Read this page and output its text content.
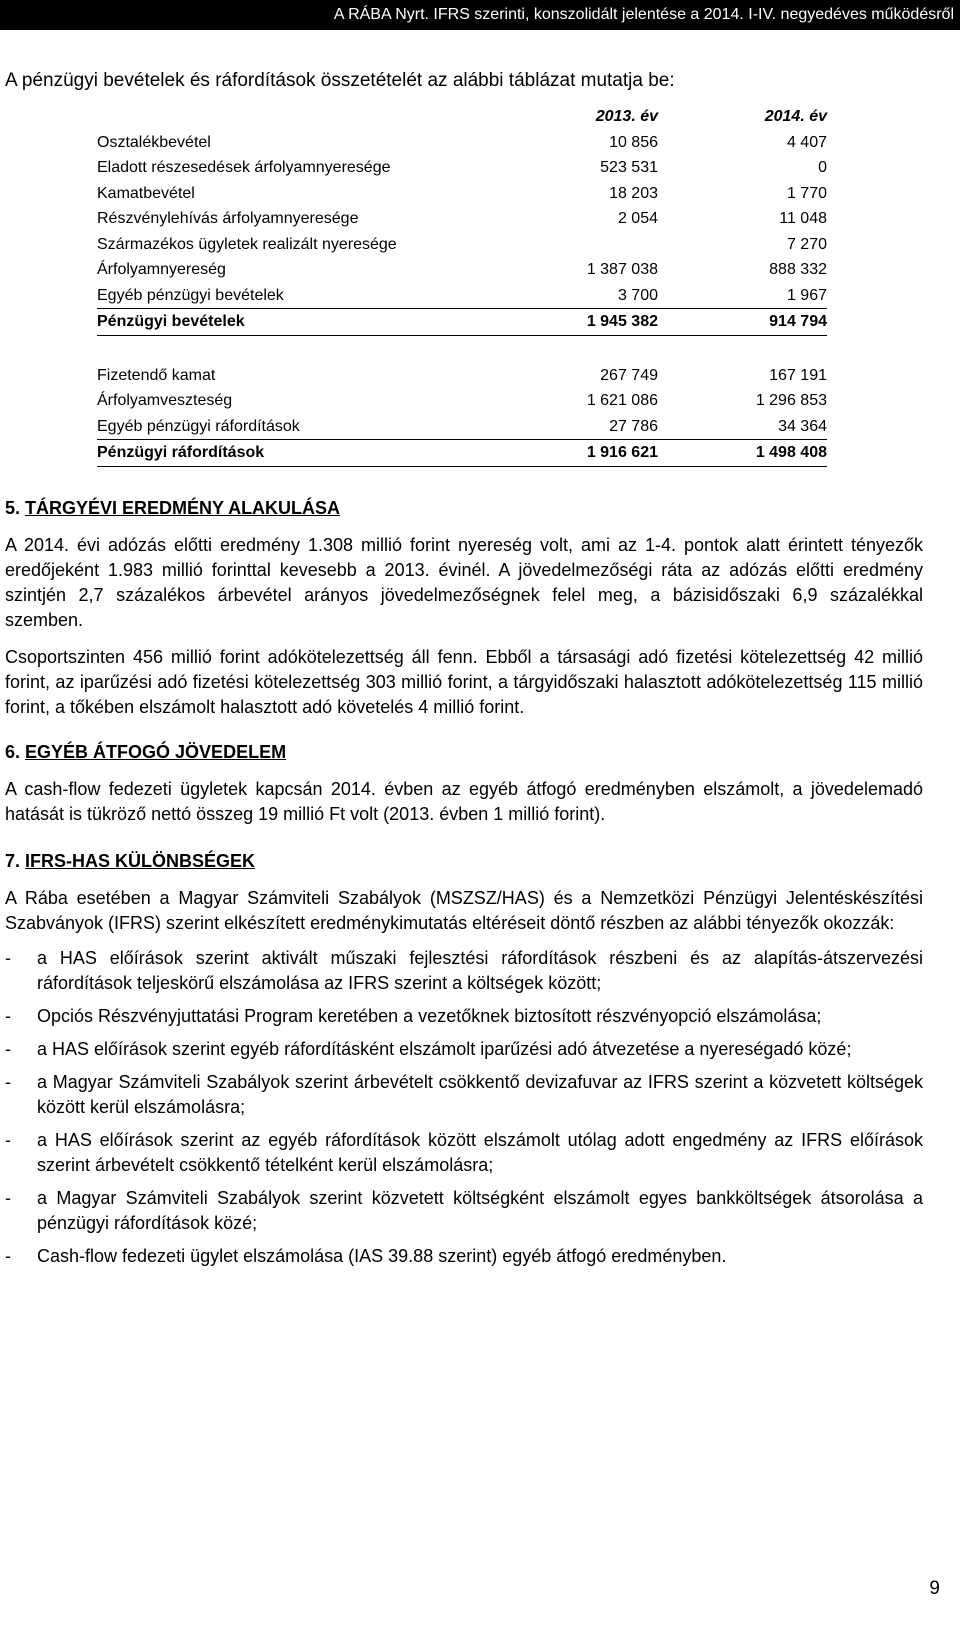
A RÁBA Nyrt. IFRS szerinti, konszolidált jelentése a 2014. I-IV. negyedéves működésről
A pénzügyi bevételek és ráfordítások összetételét az alábbi táblázat mutatja be:
	2013. év	2014. év
Osztalékbevétel	10 856	4 407
Eladott részesedések árfolyamnyeresége	523 531	0
Kamatbevétel	18 203	1 770
Részvénylehívás árfolyamnyeresége	2 054	11 048
Származékos ügyletek realizált nyeresége		7 270
Árfolyamnyereség	1 387 038	888 332
Egyéb pénzügyi bevételek	3 700	1 967
Pénzügyi bevételek	1 945 382	914 794

Fizetendő kamat	267 749	167 191
Árfolyamveszteség	1 621 086	1 296 853
Egyéb pénzügyi ráfordítások	27 786	34 364
Pénzügyi ráfordítások	1 916 621	1 498 408

5. TÁRGYÉVI EREDMÉNY ALAKULÁSA

A 2014. évi adózás előtti eredmény 1.308 millió forint nyereség volt, ami az 1-4. pontok alatt érintett tényezők eredőjeként 1.983 millió forinttal kevesebb a 2013. évinél. A jövedelmezőségi ráta az adózás előtti eredmény szintjén 2,7 százalékos árbevétel arányos jövedelmezőségnek felel meg, a bázisidőszaki 6,9 százalékkal szemben.

Csoportszinten 456 millió forint adókötelezettség áll fenn. Ebből a társasági adó fizetési kötelezettség 42 millió forint, az iparűzési adó fizetési kötelezettség 303 millió forint, a tárgyidőszaki halasztott adókötelezettség 115 millió forint, a tőkében elszámolt halasztott adó követelés 4 millió forint.

6. EGYÉB ÁTFOGÓ JÖVEDELEM

A cash-flow fedezeti ügyletek kapcsán 2014. évben az egyéb átfogó eredményben elszámolt, a jövedelemadó hatását is tükröző nettó összeg 19 millió Ft volt (2013. évben 1 millió forint).

7. IFRS-HAS KÜLÖNBSÉGEK

A Rába esetében a Magyar Számviteli Szabályok (MSZSZ/HAS) és a Nemzetközi Pénzügyi Jelentéskészítési Szabványok (IFRS) szerint elkészített eredménykimutatás eltéréseit döntő részben az alábbi tényezők okozzák:

- a HAS előírások szerint aktivált műszaki fejlesztési ráfordítások részbeni és az alapítás-átszervezési ráfordítások teljeskörű elszámolása az IFRS szerint a költségek között;
- Opciós Részvényjuttatási Program keretében a vezetőknek biztosított részvényopció elszámolása;
- a HAS előírások szerint egyéb ráfordításként elszámolt iparűzési adó átvezetése a nyereségadó közé;
- a Magyar Számviteli Szabályok szerint árbevételt csökkentő devizafuvar az IFRS szerint a közvetett költségek között kerül elszámolásra;
- a HAS előírások szerint az egyéb ráfordítások között elszámolt utólag adott engedmény az IFRS előírások szerint árbevételt csökkentő tételként kerül elszámolásra;
- a Magyar Számviteli Szabályok szerint közvetett költségként elszámolt egyes bankköltségek átsorolása a pénzügyi ráfordítások közé;
- Cash-flow fedezeti ügylet elszámolása (IAS 39.88 szerint) egyéb átfogó eredményben.
9
